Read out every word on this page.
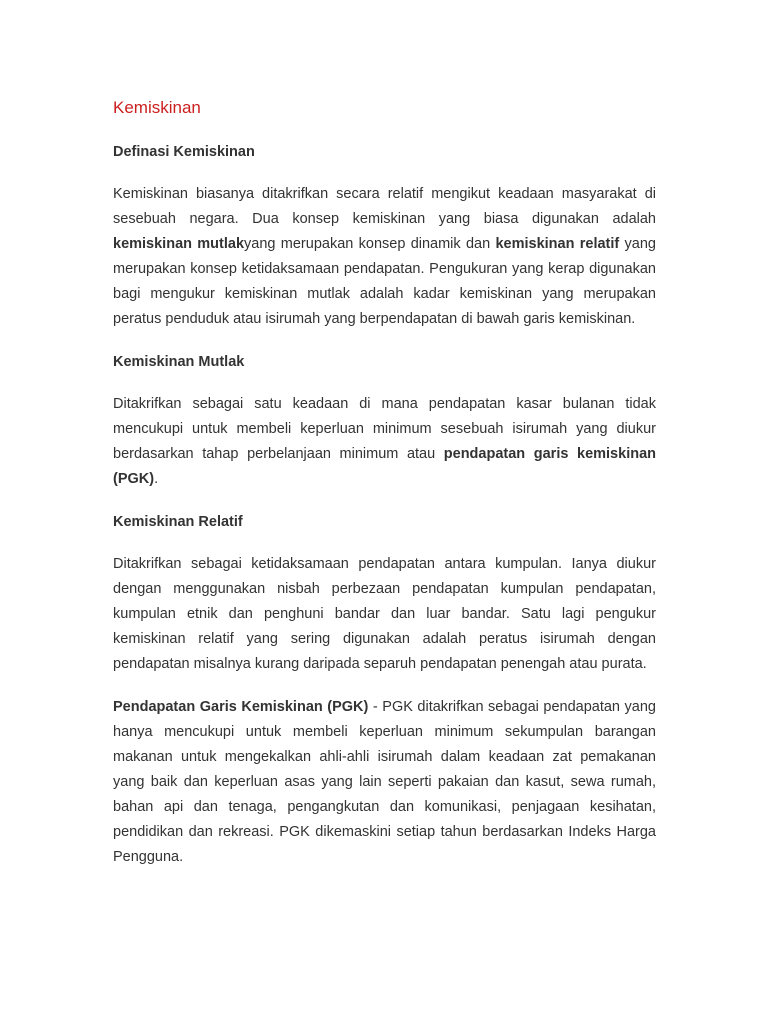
Kemiskinan
Definasi Kemiskinan

Kemiskinan biasanya ditakrifkan secara relatif mengikut keadaan masyarakat di sesebuah negara. Dua konsep kemiskinan yang biasa digunakan adalah kemiskinan mutlakyang merupakan konsep dinamik dan kemiskinan relatif yang merupakan konsep ketidaksamaan pendapatan. Pengukuran yang kerap digunakan bagi mengukur kemiskinan mutlak adalah kadar kemiskinan yang merupakan peratus penduduk atau isirumah yang berpendapatan di bawah garis kemiskinan.

Kemiskinan Mutlak

Ditakrifkan sebagai satu keadaan di mana pendapatan kasar bulanan tidak mencukupi untuk membeli keperluan minimum sesebuah isirumah yang diukur berdasarkan tahap perbelanjaan minimum atau pendapatan garis kemiskinan (PGK).

Kemiskinan Relatif

Ditakrifkan sebagai ketidaksamaan pendapatan antara kumpulan. Ianya diukur dengan menggunakan nisbah perbezaan pendapatan kumpulan pendapatan, kumpulan etnik dan penghuni bandar dan luar bandar. Satu lagi pengukur kemiskinan relatif yang sering digunakan adalah peratus isirumah dengan pendapatan misalnya kurang daripada separuh pendapatan penengah atau purata.

Pendapatan Garis Kemiskinan (PGK) - PGK ditakrifkan sebagai pendapatan yang hanya mencukupi untuk membeli keperluan minimum sekumpulan barangan makanan untuk mengekalkan ahli-ahli isirumah dalam keadaan zat pemakanan yang baik dan keperluan asas yang lain seperti pakaian dan kasut, sewa rumah, bahan api dan tenaga, pengangkutan dan komunikasi, penjagaan kesihatan, pendidikan dan rekreasi. PGK dikemaskini setiap tahun berdasarkan Indeks Harga Pengguna.
